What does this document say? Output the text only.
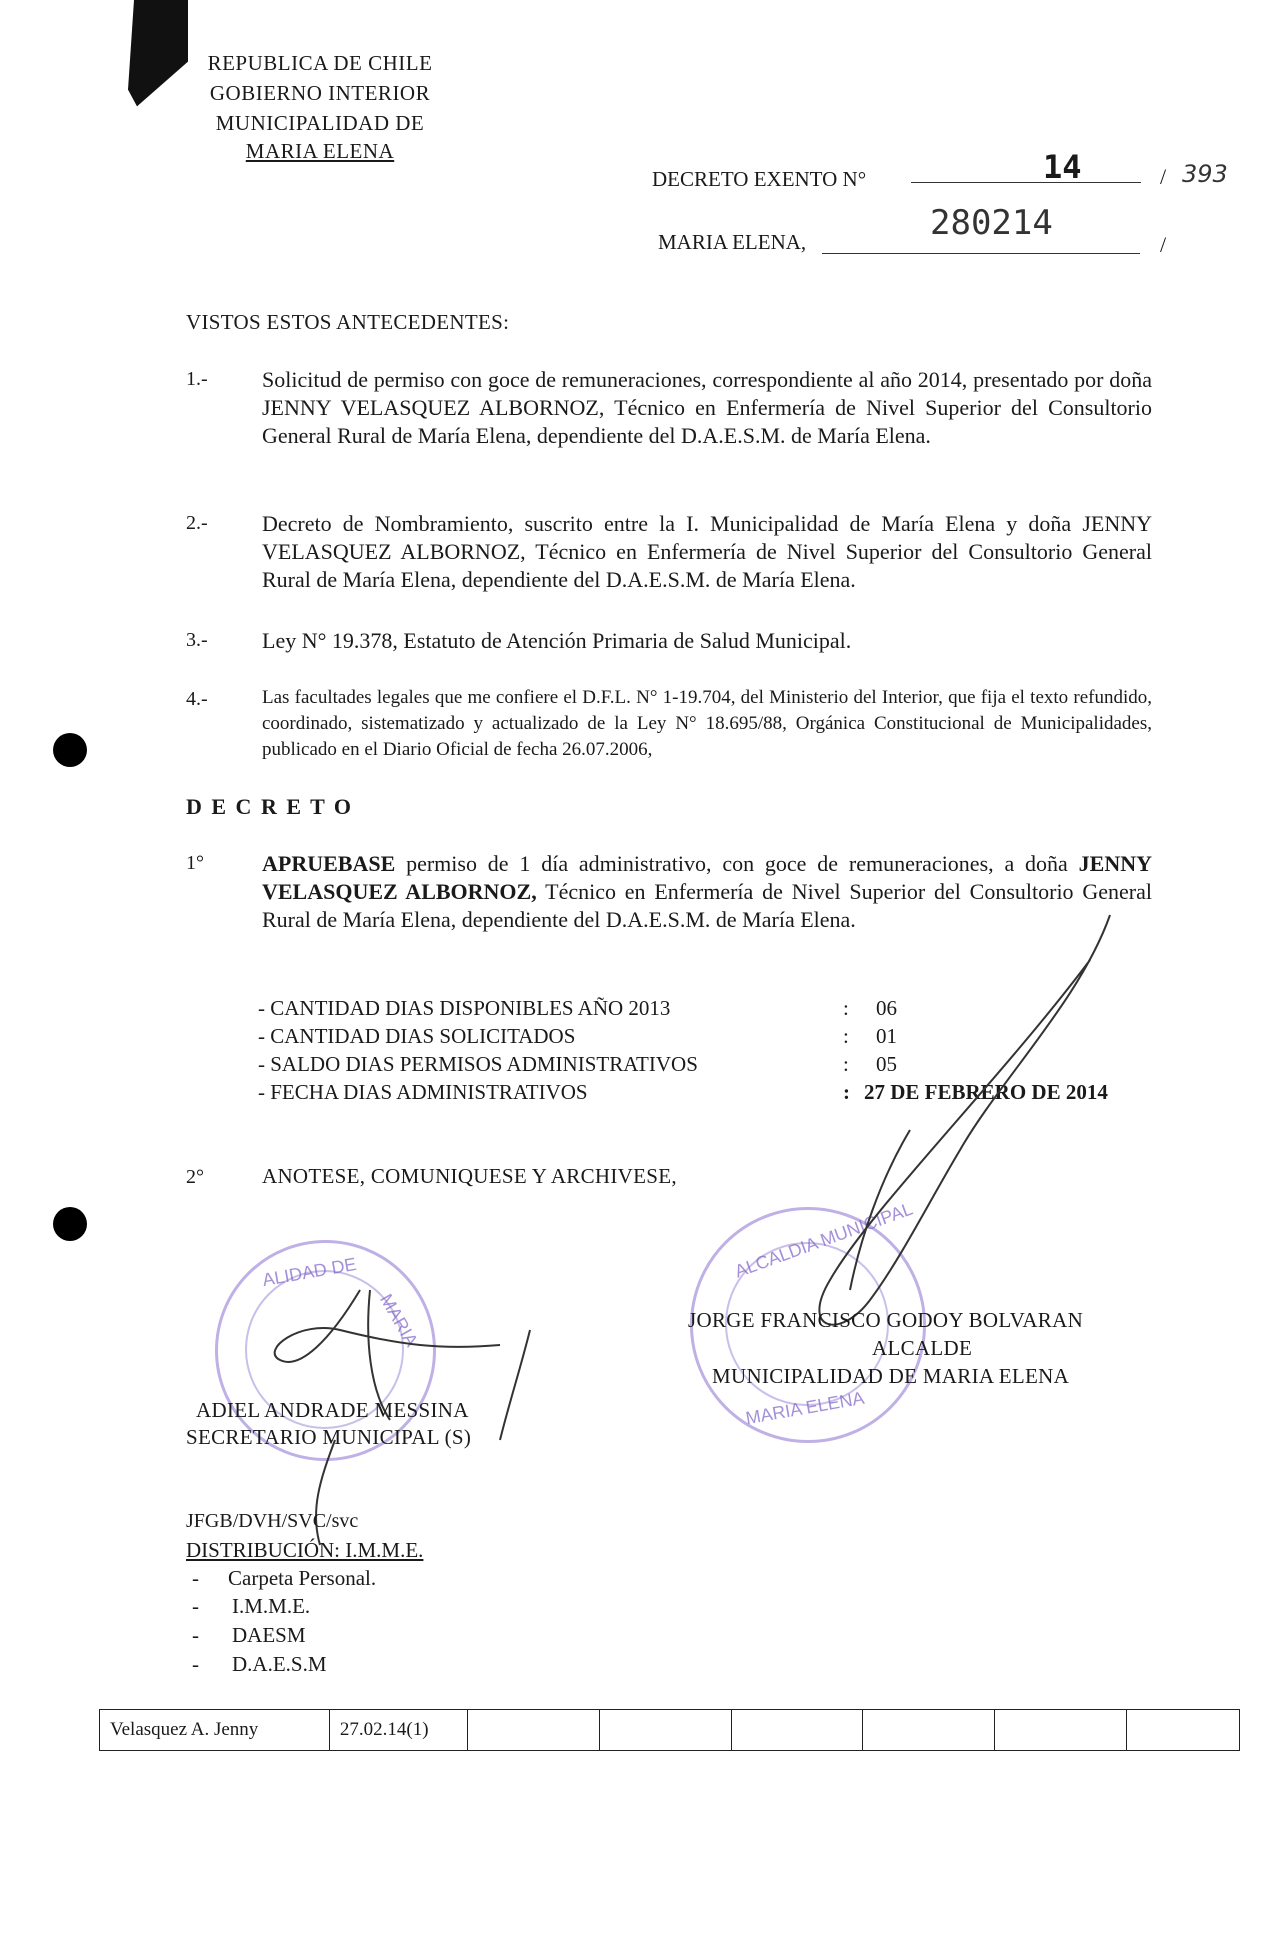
REPUBLICA DE CHILE
GOBIERNO INTERIOR
MUNICIPALIDAD DE
MARIA ELENA
DECRETO EXENTO N°	14	/ 393
MARIA ELENA,	280214
/
VISTOS ESTOS ANTECEDENTES:
1.- Solicitud de permiso con goce de remuneraciones, correspondiente al año 2014, presentado por doña JENNY VELASQUEZ ALBORNOZ, Técnico en Enfermería de Nivel Superior del Consultorio General Rural de María Elena, dependiente del D.A.E.S.M. de María Elena.
2.- Decreto de Nombramiento, suscrito entre la I. Municipalidad de María Elena y doña JENNY VELASQUEZ ALBORNOZ, Técnico en Enfermería de Nivel Superior del Consultorio General Rural de María Elena, dependiente del D.A.E.S.M. de María Elena.
3.- Ley N° 19.378, Estatuto de Atención Primaria de Salud Municipal.
4.-	Las facultades legales que me confiere el D.F.L. N° 1-19.704, del Ministerio del Interior, que fija el texto refundido, coordinado, sistematizado y actualizado de la Ley N° 18.695/88, Orgánica Constitucional de Municipalidades, publicado en el Diario Oficial de fecha 26.07.2006,
D E C R E T O
1°	APRUEBASE permiso de 1 día administrativo, con goce de remuneraciones, a doña JENNY VELASQUEZ ALBORNOZ, Técnico en Enfermería de Nivel Superior del Consultorio General Rural de María Elena, dependiente del D.A.E.S.M. de María Elena.
- CANTIDAD DIAS DISPONIBLES AÑO 2013	: 06
- CANTIDAD DIAS SOLICITADOS	: 01
- SALDO DIAS PERMISOS ADMINISTRATIVOS	: 05
- FECHA DIAS ADMINISTRATIVOS	: 27 DE FEBRERO DE 2014
2°	ANOTESE, COMUNIQUESE Y ARCHIVESE,
ALIDAD DE
MARIA
ALCALDIA MUNICIPAL
MARIA ELENA
JORGE FRANCISCO GODOY BOLVARAN
ALCALDE
MUNICIPALIDAD DE MARIA ELENA
ADIEL ANDRADE MESSINA
SECRETARIO MUNICIPAL (S)
JFGB/DVH/SVC/svc
DISTRIBUCIÓN: I.M.M.E.
- Carpeta Personal.
- I.M.M.E.
- DAESM
- D.A.E.S.M
Velasquez A. Jenny	27.02.14(1)						
